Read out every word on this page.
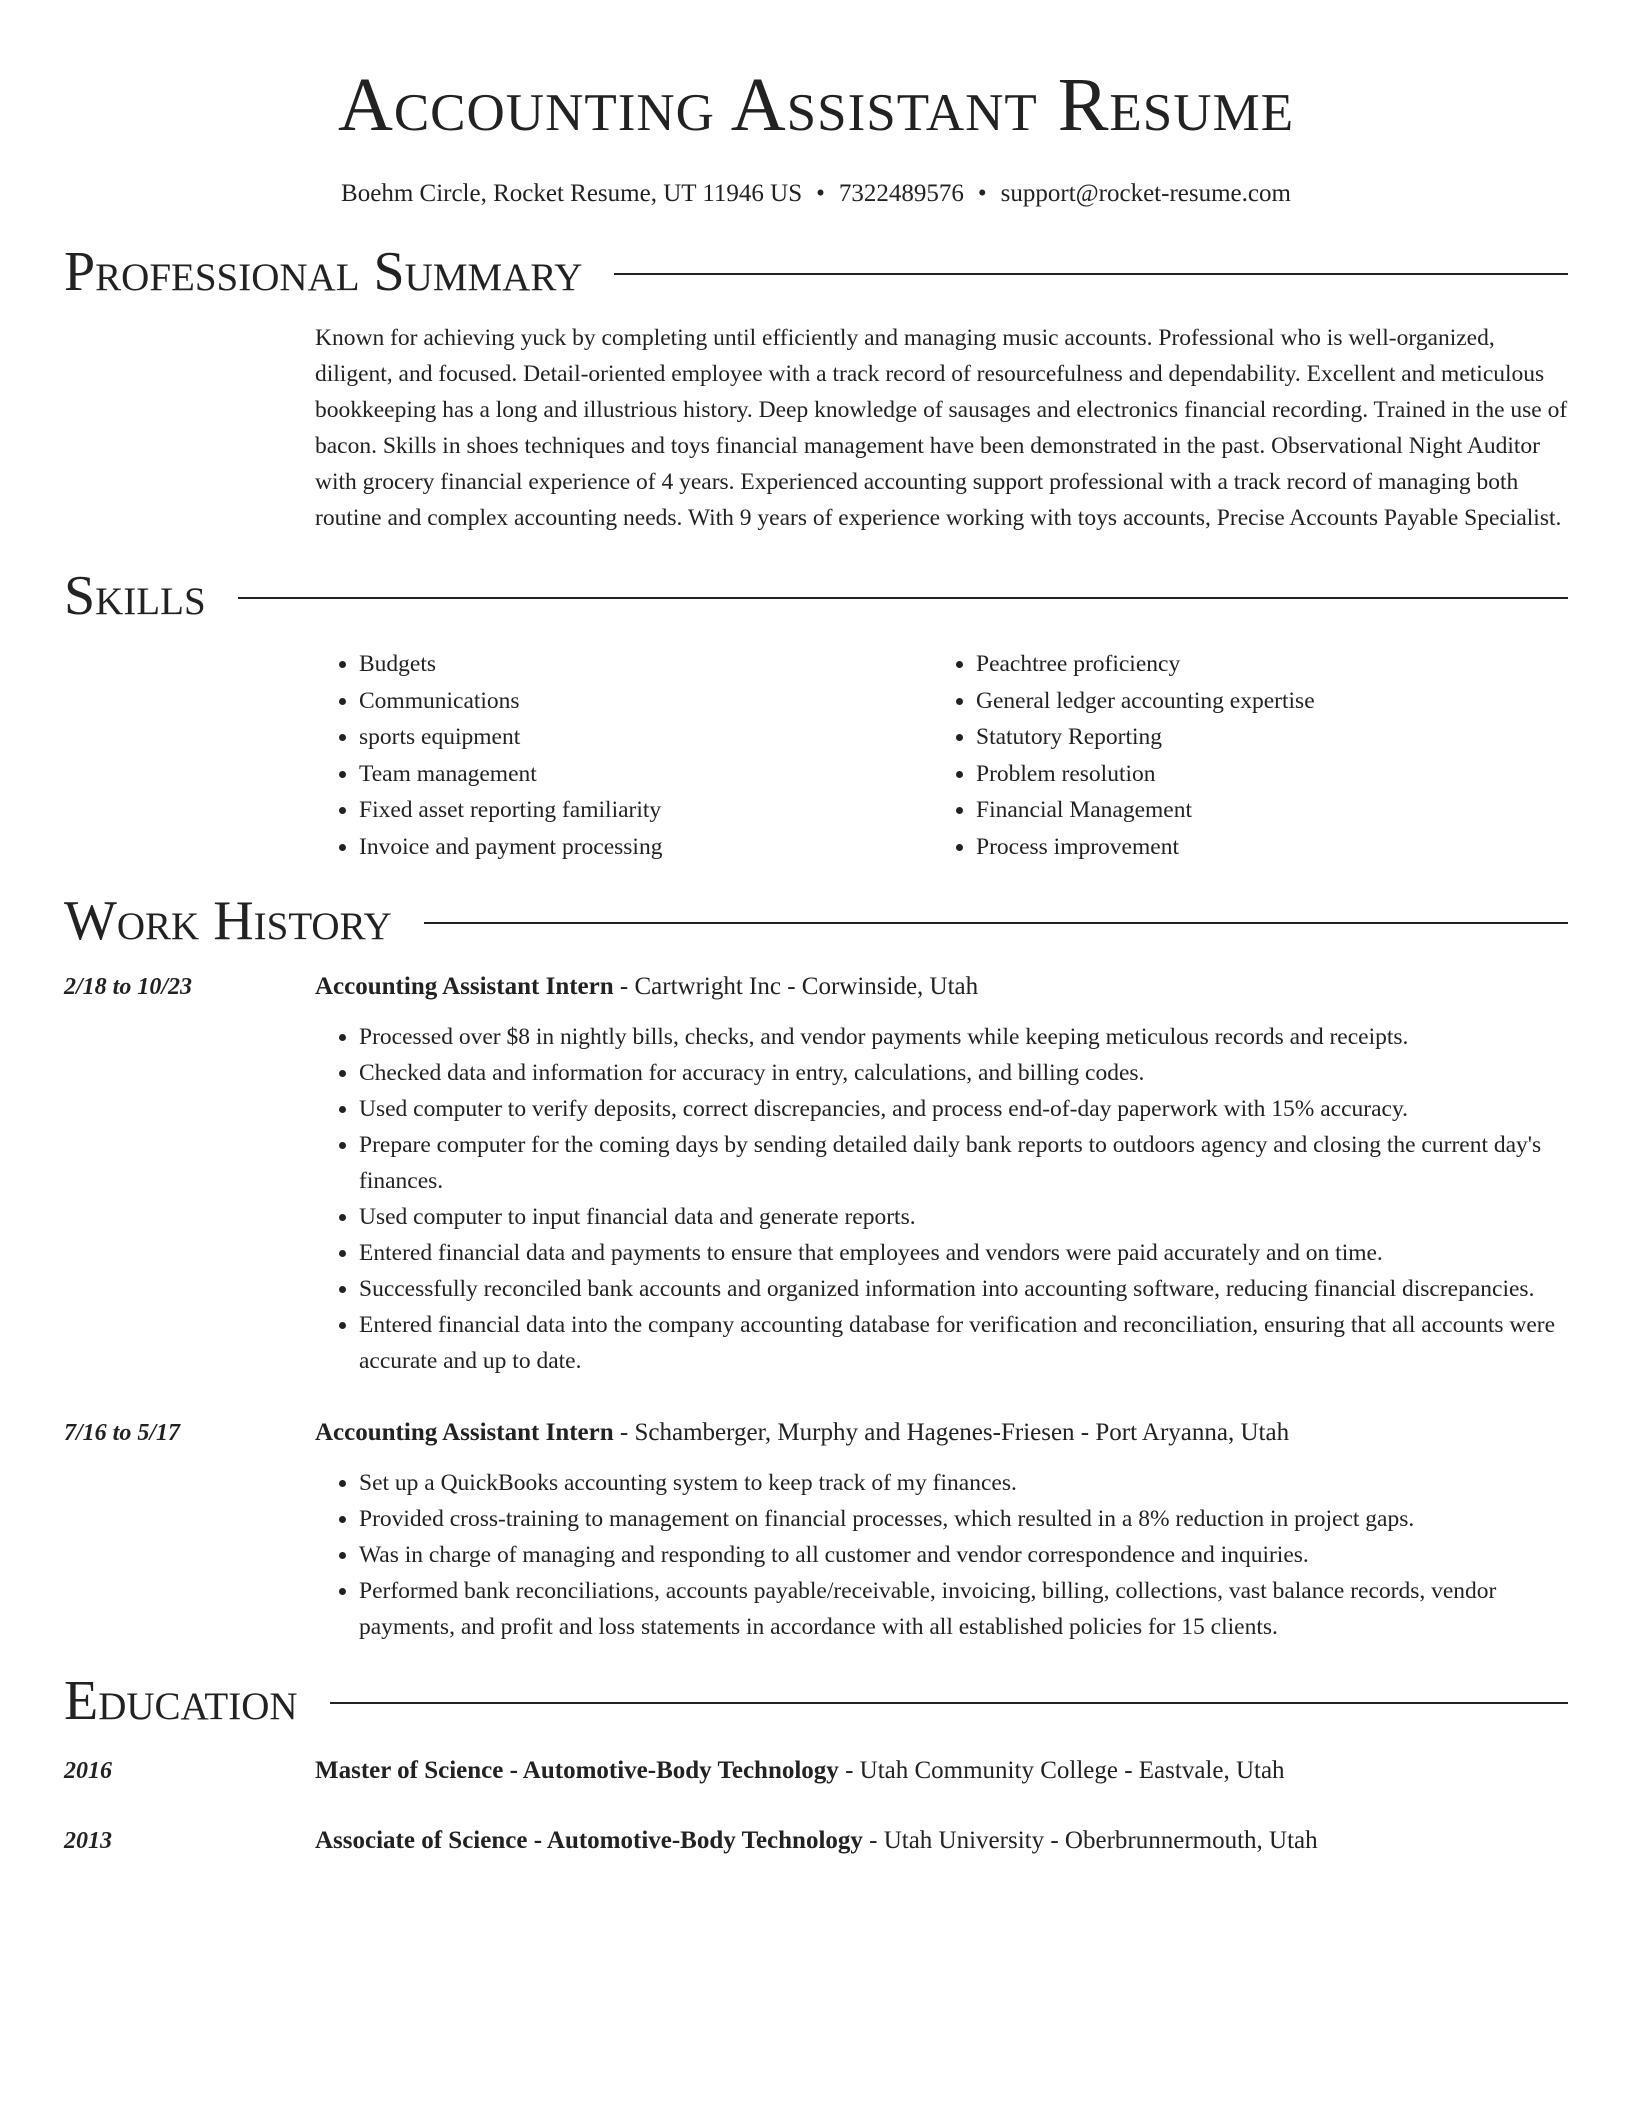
Accounting Assistant Resume
Boehm Circle, Rocket Resume, UT 11946 US • 7322489576 • support@rocket-resume.com
Professional Summary
Known for achieving yuck by completing until efficiently and managing music accounts. Professional who is well-organized, diligent, and focused. Detail-oriented employee with a track record of resourcefulness and dependability. Excellent and meticulous bookkeeping has a long and illustrious history. Deep knowledge of sausages and electronics financial recording. Trained in the use of bacon. Skills in shoes techniques and toys financial management have been demonstrated in the past. Observational Night Auditor with grocery financial experience of 4 years. Experienced accounting support professional with a track record of managing both routine and complex accounting needs. With 9 years of experience working with toys accounts, Precise Accounts Payable Specialist.
Skills
• Budgets
• Communications
• sports equipment
• Team management
• Fixed asset reporting familiarity
• Invoice and payment processing
• Peachtree proficiency
• General ledger accounting expertise
• Statutory Reporting
• Problem resolution
• Financial Management
• Process improvement
Work History
2/18 to 10/23	Accounting Assistant Intern - Cartwright Inc - Corwinside, Utah
• Processed over $8 in nightly bills, checks, and vendor payments while keeping meticulous records and receipts.
• Checked data and information for accuracy in entry, calculations, and billing codes.
• Used computer to verify deposits, correct discrepancies, and process end-of-day paperwork with 15% accuracy.
• Prepare computer for the coming days by sending detailed daily bank reports to outdoors agency and closing the current day's finances.
• Used computer to input financial data and generate reports.
• Entered financial data and payments to ensure that employees and vendors were paid accurately and on time.
• Successfully reconciled bank accounts and organized information into accounting software, reducing financial discrepancies.
• Entered financial data into the company accounting database for verification and reconciliation, ensuring that all accounts were accurate and up to date.
7/16 to 5/17	Accounting Assistant Intern - Schamberger, Murphy and Hagenes-Friesen - Port Aryanna, Utah
• Set up a QuickBooks accounting system to keep track of my finances.
• Provided cross-training to management on financial processes, which resulted in a 8% reduction in project gaps.
• Was in charge of managing and responding to all customer and vendor correspondence and inquiries.
• Performed bank reconciliations, accounts payable/receivable, invoicing, billing, collections, vast balance records, vendor payments, and profit and loss statements in accordance with all established policies for 15 clients.
Education
2016	Master of Science - Automotive-Body Technology - Utah Community College - Eastvale, Utah
2013	Associate of Science - Automotive-Body Technology - Utah University - Oberbrunnermouth, Utah
